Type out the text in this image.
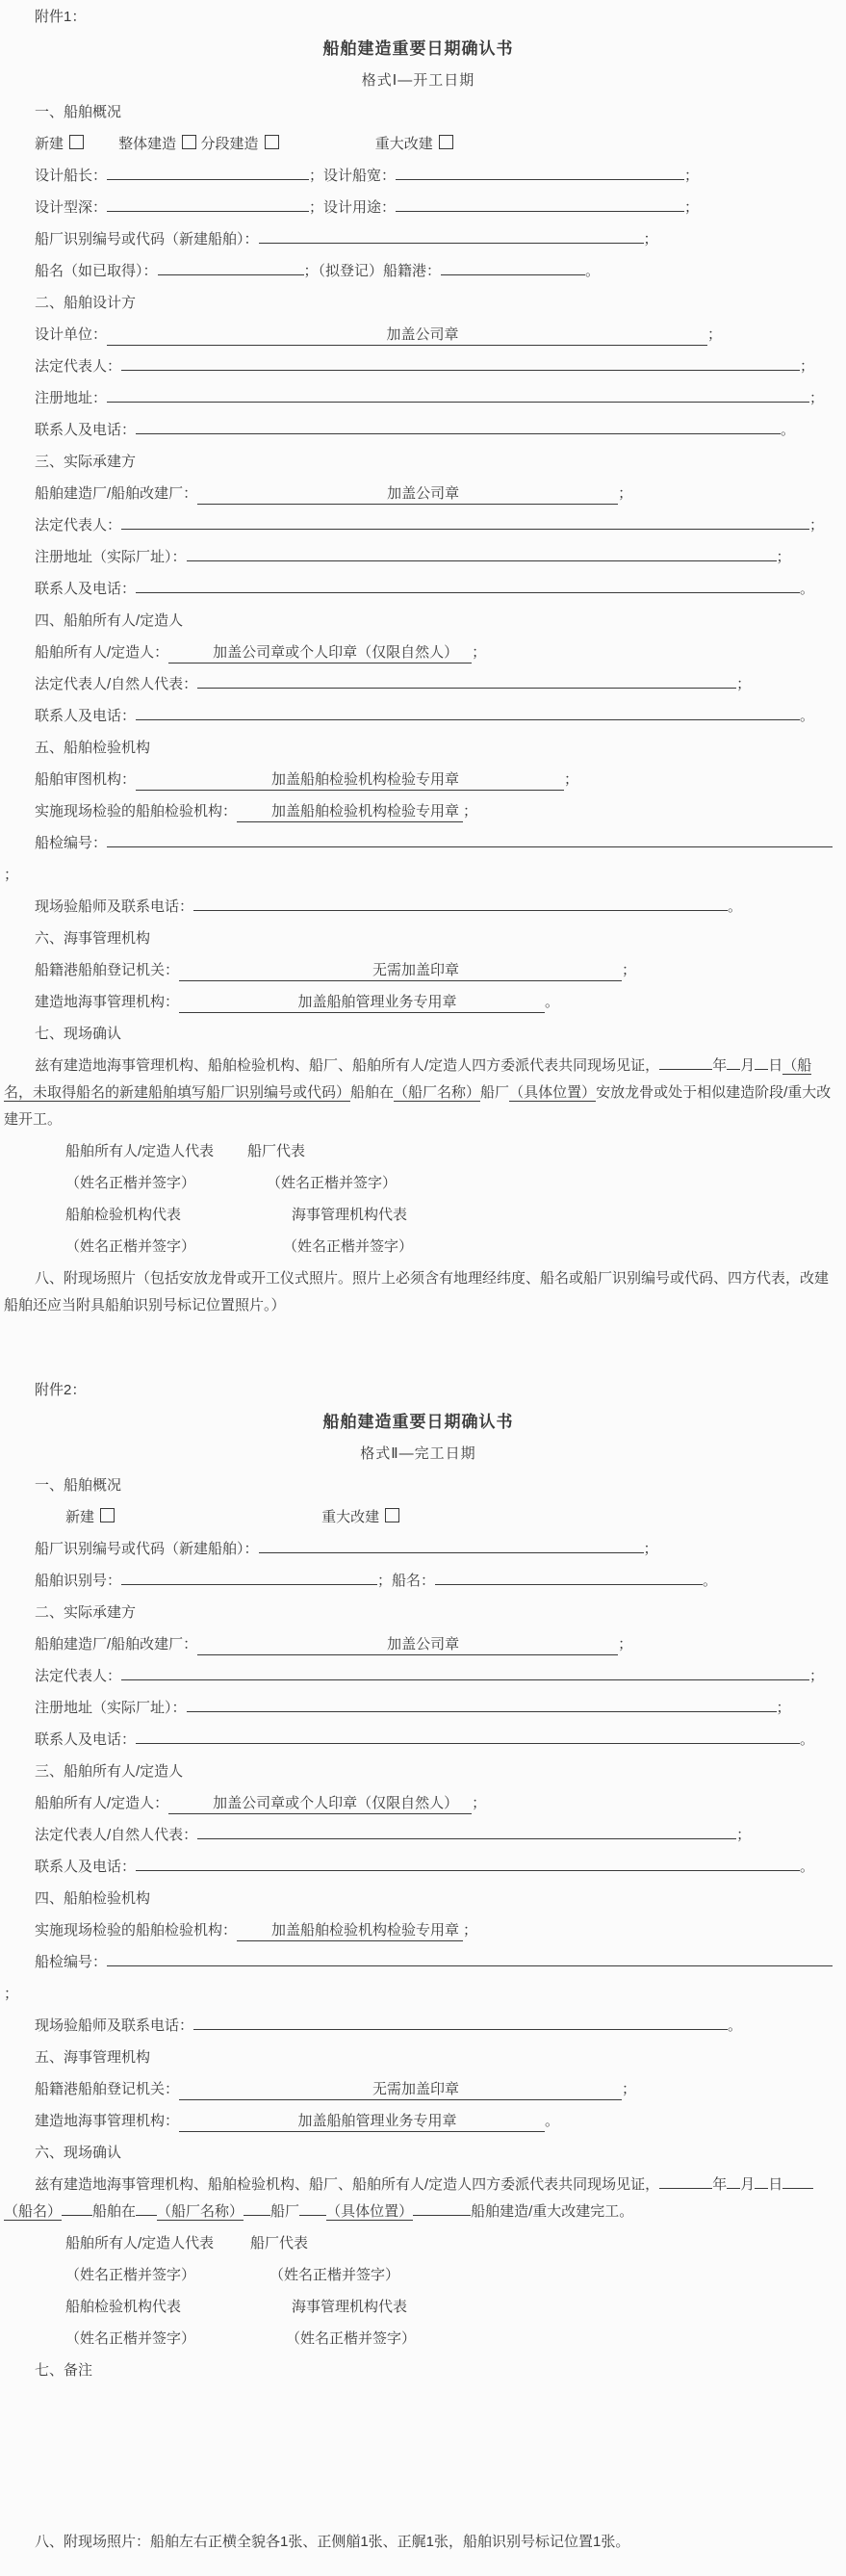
附件1：

船舶建造重要日期确认书
格式Ⅰ—开工日期

一、船舶概况

新建	整体建造  分段建造	重大改建

设计船长：	；设计船宽：	；

设计型深：	；设计用途：	；

船厂识别编号或代码（新建船舶）：	；

船名（如已取得）：	；（拟登记）船籍港：	。

二、船舶设计方

设计单位：	加盖公司章	；

法定代表人：	；

注册地址：	；

联系人及电话：	。

三、实际承建方

船舶建造厂/船舶改建厂：	加盖公司章	；

法定代表人：	；

注册地址（实际厂址）：	；

联系人及电话：	。

四、船舶所有人/定造人

船舶所有人/定造人：	加盖公司章或个人印章（仅限自然人） ；

法定代表人/自然人代表：	；

联系人及电话：	。

五、船舶检验机构

船舶审图机构：	加盖船舶检验机构检验专用章	；

实施现场检验的船舶检验机构： 加盖船舶检验机构检验专用章 ；

船检编号：

；

现场验船师及联系电话：	。

六、海事管理机构

船籍港船舶登记机关：	无需加盖印章	；

建造地海事管理机构：	加盖船舶管理业务专用章	。

七、现场确认

兹有建造地海事管理机构、船舶检验机构、船厂、船舶所有人/定造人四方委派代表共同现场见证，	年 月 日（船名，未取得船名的新建船舶填写船厂识别编号或代码）船舶在（船厂名称）船厂（具体位置）安放龙骨或处于相似建造阶段/重大改建开工。

船舶所有人/定造人代表 船厂代表

（姓名正楷并签字）	（姓名正楷并签字）

船舶检验机构代表	海事管理机构代表

（姓名正楷并签字）	（姓名正楷并签字）

八、附现场照片（包括安放龙骨或开工仪式照片。照片上必须含有地理经纬度、船名或船厂识别编号或代码、四方代表，改建船舶还应当附具船舶识别号标记位置照片。）

附件2：

船舶建造重要日期确认书
格式Ⅱ—完工日期

一、船舶概况

新建	重大改建

船厂识别编号或代码（新建船舶）：	；

船舶识别号：	；船名：	。

二、实际承建方

船舶建造厂/船舶改建厂：	加盖公司章	；

法定代表人：	；

注册地址（实际厂址）：	；

联系人及电话：	。

三、船舶所有人/定造人

船舶所有人/定造人：	加盖公司章或个人印章（仅限自然人） ；

法定代表人/自然人代表：	；

联系人及电话：	。

四、船舶检验机构

实施现场检验的船舶检验机构： 加盖船舶检验机构检验专用章 ；

船检编号：

；

现场验船师及联系电话：	。

五、海事管理机构

船籍港船舶登记机关：	无需加盖印章	；

建造地海事管理机构：	加盖船舶管理业务专用章	。

六、现场确认

兹有建造地海事管理机构、船舶检验机构、船厂、船舶所有人/定造人四方委派代表共同现场见证，	年 月 日（船名） 船舶在 （船厂名称） 船厂 （具体位置）	船舶建造/重大改建完工。

船舶所有人/定造人代表	船厂代表

（姓名正楷并签字）	（姓名正楷并签字）

船舶检验机构代表	海事管理机构代表

（姓名正楷并签字）	（姓名正楷并签字）

七、备注

八、附现场照片：船舶左右正横全貌各1张、正侧艏1张、正艉1张，船舶识别号标记位置1张。
